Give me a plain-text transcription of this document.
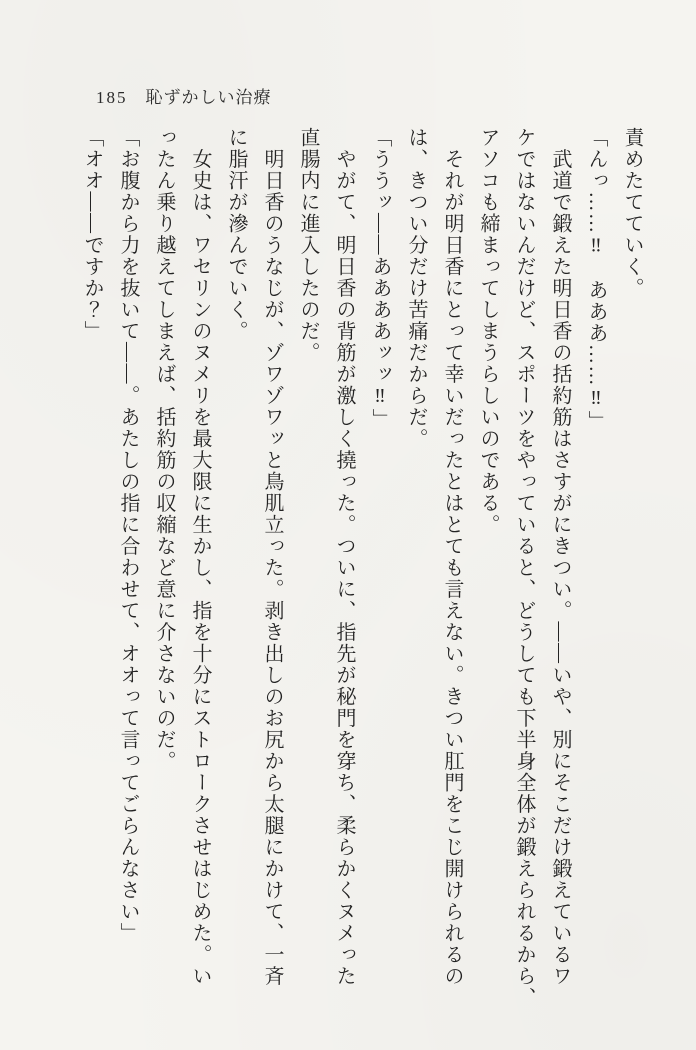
185 恥ずかしい治療
責めたてていく。
「んっ……‼　あああ……‼」
　武道で鍛えた明日香の括約筋はさすがにきつい。――いや、別にそこだけ鍛えているワ
ケではないんだけど、スポーツをやっていると、どうしても下半身全体が鍛えられるから、
アソコも締まってしまうらしいのである。
　それが明日香にとって幸いだったとはとても言えない。きつい肛門をこじ開けられるの
は、きつい分だけ苦痛だからだ。
「ううッ――ああああッッ‼」
　やがて、明日香の背筋が激しく撓った。ついに、指先が秘門を穿ち、柔らかくヌメった
直腸内に進入したのだ。
　明日香のうなじが、ゾワゾワッと鳥肌立った。剥き出しのお尻から太腿にかけて、一斉
に脂汗が滲んでいく。
　女史は、ワセリンのヌメリを最大限に生かし、指を十分にストロークさせはじめた。い
ったん乗り越えてしまえば、括約筋の収縮など意に介さないのだ。
「お腹から力を抜いて――。あたしの指に合わせて、オオって言ってごらんなさい」
「オオ――ですか？」
